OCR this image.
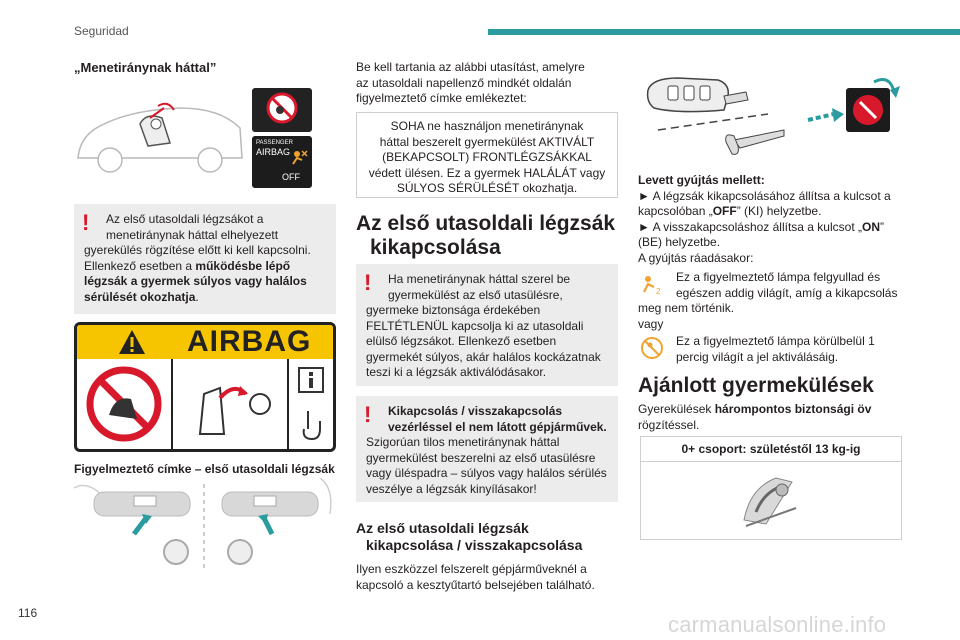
Seguridad
„Menetiránynak háttal”
PASSENGER
AIRBAG
OFF
!	Az első utasoldali légzsákot a

menetiránynak háttal elhelyezett

gyerekülés rögzítése előtt ki kell kapcsolni.

Ellenkező esetben a működésbe lépő

légzsák a gyermek súlyos vagy halálos

sérülését okozhatja.

AIRBAG
Figyelmeztető címke – első utasoldali légzsák

Be kell tartania az alábbi utasítást, amelyre

az utasoldali napellenző mindkét oldalán

figyelmeztető címke emlékeztet:

SOHA ne használjon menetiránynak

háttal beszerelt gyermekülést AKTIVÁLT

(BEKAPCSOLT) FRONTLÉGZSÁKKAL

védett ülésen. Ez a gyermek HALÁLÁT vagy

SÚLYOS SÉRÜLÉSÉT okozhatja.

Az első utasoldali légzsák
kikapcsolása
!	Ha menetiránynak háttal szerel be

gyermekülést az első utasülésre,

gyermeke biztonsága érdekében

FELTÉTLENÜL kapcsolja ki az utasoldali

elülső légzsákot. Ellenkező esetben

gyermekét súlyos, akár halálos kockázatnak

teszi ki a légzsák aktiválódásakor.

!	Kikapcsolás / visszakapcsolás

vezérléssel el nem látott gépjárművek.

Szigorúan tilos menetiránynak háttal

gyermekülést beszerelni az első utasülésre

vagy üléspadra – súlyos vagy halálos sérülés

veszélye a légzsák kinyílásakor!

Az első utasoldali légzsák
kikapcsolása / visszakapcsolása

Ilyen eszközzel felszerelt gépjárműveknél a

kapcsoló a kesztyűtartó belsejében található.

Levett gyújtás mellett:

► A légzsák kikapcsolásához állítsa a kulcsot a

kapcsolóban „OFF” (KI) helyzetbe.

► A visszakapcsoláshoz állítsa a kulcsot „ON”

(BE) helyzetbe.

A gyújtás ráadásakor:

2

Ez a figyelmeztető lámpa felgyullad és

egészen addig világít, amíg a kikapcsolás

meg nem történik.

vagy

Ez a figyelmeztető lámpa körülbelül 1

percig világít a jel aktiválásáig.

Ajánlott gyermekülések

Gyerekülések hárompontos biztonsági öv

rögzítéssel.

0+ csoport: születéstől 13 kg-ig
116	carmanualsonline.info
